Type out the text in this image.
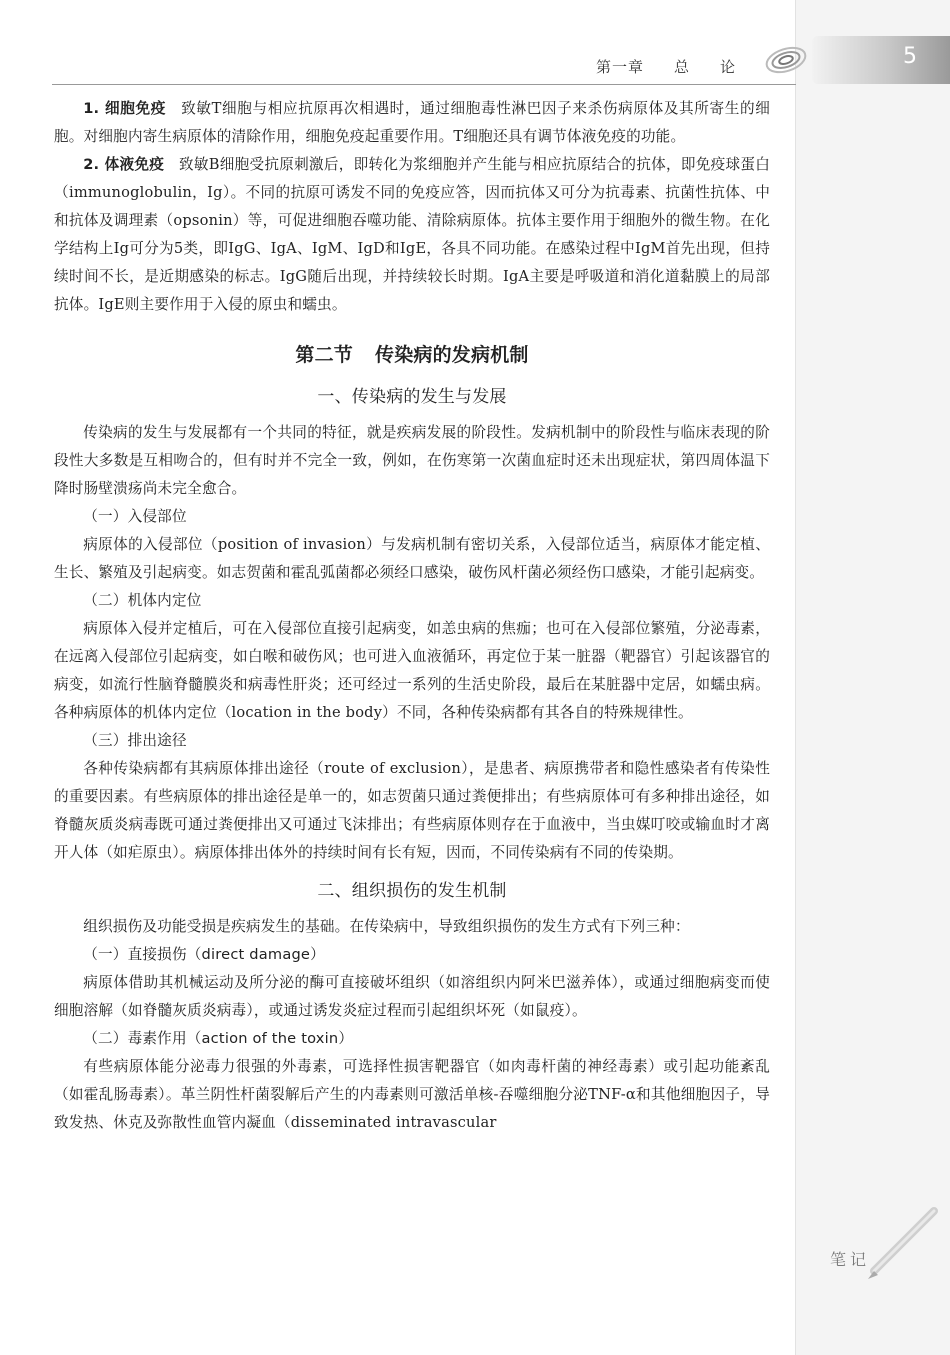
5
第一章 总 论

1. 细胞免疫　 致敏T细胞与相应抗原再次相遇时，通过细胞毒性淋巴因子来杀伤病原体及其所寄生的细胞。对细胞内寄生病原体的清除作用，细胞免疫起重要作用。T细胞还具有调节体液免疫的功能。

2. 体液免疫　 致敏B细胞受抗原刺激后，即转化为浆细胞并产生能与相应抗原结合的抗体，即免疫球蛋白（immunoglobulin，Ig）。不同的抗原可诱发不同的免疫应答，因而抗体又可分为抗毒素、抗菌性抗体、中和抗体及调理素（opsonin）等，可促进细胞吞噬功能、清除病原体。抗体主要作用于细胞外的微生物。在化学结构上Ig可分为5类，即IgG、IgA、IgM、IgD和IgE，各具不同功能。在感染过程中IgM首先出现，但持续时间不长，是近期感染的标志。IgG随后出现，并持续较长时期。IgA主要是呼吸道和消化道黏膜上的局部抗体。IgE则主要作用于入侵的原虫和蠕虫。

第二节 传染病的发病机制
一、传染病的发生与发展

传染病的发生与发展都有一个共同的特征，就是疾病发展的阶段性。发病机制中的阶段性与临床表现的阶段性大多数是互相吻合的，但有时并不完全一致，例如，在伤寒第一次菌血症时还未出现症状，第四周体温下降时肠壁溃疡尚未完全愈合。

（一）入侵部位

病原体的入侵部位（position of invasion）与发病机制有密切关系，入侵部位适当，病原体才能定植、生长、繁殖及引起病变。如志贺菌和霍乱弧菌都必须经口感染，破伤风杆菌必须经伤口感染，才能引起病变。

（二）机体内定位

病原体入侵并定植后，可在入侵部位直接引起病变，如恙虫病的焦痂；也可在入侵部位繁殖，分泌毒素，在远离入侵部位引起病变，如白喉和破伤风；也可进入血液循环，再定位于某一脏器（靶器官）引起该器官的病变，如流行性脑脊髓膜炎和病毒性肝炎；还可经过一系列的生活史阶段，最后在某脏器中定居，如蠕虫病。各种病原体的机体内定位（location in the body）不同，各种传染病都有其各自的特殊规律性。

（三）排出途径

各种传染病都有其病原体排出途径（route of exclusion），是患者、病原携带者和隐性感染者有传染性的重要因素。有些病原体的排出途径是单一的，如志贺菌只通过粪便排出；有些病原体可有多种排出途径，如脊髓灰质炎病毒既可通过粪便排出又可通过飞沫排出；有些病原体则存在于血液中，当虫媒叮咬或输血时才离开人体（如疟原虫）。病原体排出体外的持续时间有长有短，因而，不同传染病有不同的传染期。

二、组织损伤的发生机制

组织损伤及功能受损是疾病发生的基础。在传染病中，导致组织损伤的发生方式有下列三种：

（一）直接损伤（direct damage）

病原体借助其机械运动及所分泌的酶可直接破坏组织（如溶组织内阿米巴滋养体），或通过细胞病变而使细胞溶解（如脊髓灰质炎病毒），或通过诱发炎症过程而引起组织坏死（如鼠疫）。

（二）毒素作用（action of the toxin）

有些病原体能分泌毒力很强的外毒素，可选择性损害靶器官（如肉毒杆菌的神经毒素）或引起功能紊乱（如霍乱肠毒素）。革兰阴性杆菌裂解后产生的内毒素则可激活单核-吞噬细胞分泌TNF-α和其他细胞因子，导致发热、休克及弥散性血管内凝血（disseminated intravascular

笔记
